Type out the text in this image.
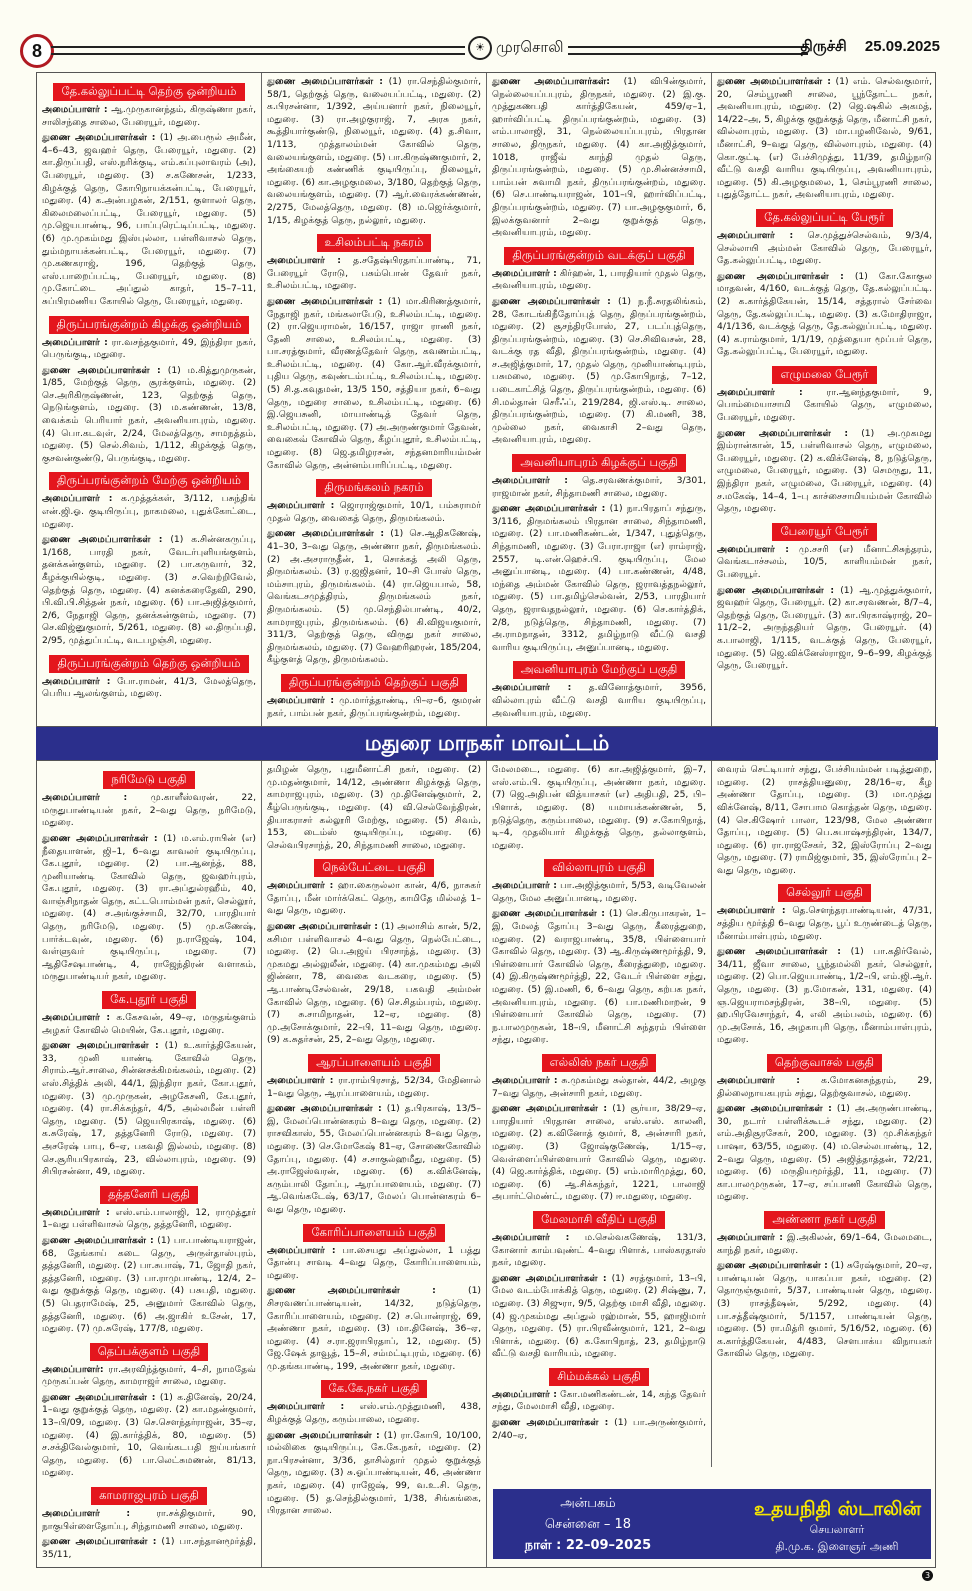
8	☀ முரசொலி	திருச்சி 25.09.2025
தே.கல்லுப்பட்டி தெற்கு ஒன்றியம்

அமைப்பாளர் : ஆ.முருகானந்தம், கிருஷ்ணா நகர், சாலிசந்தை சாலை, பேரையூர், மதுரை.

துணை அமைப்பாளர்கள் : (1) அ.பைரூல் அமீன், 4–6–43, ஜவஹர் தெரு, பேரையூர், மதுரை. (2) கா.திருப்பதி, எஸ்.நரிக்குடி, எம்.கப்புலாவரம் (அ), பேரையூர், மதுரை. (3) ச.கணேசன், 1/233, கிழக்குத் தெரு, கோபிநாயக்கன்பட்டி, பேரையூர், மதுரை. (4) க.அன்பழகன், 2/151, குளாலர் தெரு, கிலைமலைப்பட்டி, பேரையூர், மதுரை. (5) மு.ஜெயபாண்டி, 96, பாப்புரெட்டிப்பட்டி, மதுரை. (6) மு.முகம்மது இஸ்புல்லா, பள்ளிவாசல் தெரு, தும்மநாயக்கன்பட்டி, பேரையூர், மதுரை. (7) மு.கணகராஜ், 196, தெற்குத் தெரு, எஸ்.பாறைப்பட்டி, பேரையூர், மதுரை. (8) மு.கோட்டை அப்துல் காதர், 15–7–11, சுப்பிரமணிய கோயில் தெரு, பேரையூர், மதுரை.

திருப்பரங்குன்றம் கிழக்கு ஒன்றியம்

அமைப்பாளர் : ரா.வசந்தகுமார், 49, இந்திரா நகர், பெருங்குடி, மதுரை.

துணை அமைப்பாளர்கள் : (1) ம.கித்துமுருகன், 1/85, மேற்குத் தெரு, சூரக்குளம், மதுரை. (2) செ.அரிகிருஷ்ணன், 123, தெற்குத் தெரு, நெடுங்குளம், மதுரை. (3) ம.கண்ணன், 13/8, வைக்கம் பெரியார் நகர், அவனியாபுரம், மதுரை. (4) பொ.கடவுள், 2/24, மேலத்தெரு, சாமநத்தம், மதுரை. (5) செல்.சிவம், 1/112, கிழக்குத் தெரு, குசவன்குண்டு, பெருங்குடி, மதுரை.

திருப்பரங்குன்றம் மேற்கு ஒன்றியம்

அமைப்பாளர் : க.முத்தக்கள், 3/112, பசுந்திங் என்.ஜி.ஓ. குடியிருப்பு, நாகமலை, புதுக்கோட்டை, மதுரை.

துணை அமைப்பாளர்கள் : (1) க.சின்னகருப்பு, 1/168, பாரதி நகர், வேடர்புளியங்குளம், தனக்கன்குளம், மதுரை. (2) பா.கருவார், 32, கீழக்குயில்குடி, மதுரை. (3) ச.வெற்றிவேல், தெற்குத் தெரு, மதுரை. (4) கனக்கரைதேவி, 290, பி.வி.பி.சித்தன் நகர், மதுரை. (6) பா.அஜித்குமார், 2/6, நேதாஜி தெரு, தனக்கன்குளம், மதுரை. (7) செ.விஜ்னுகுமார், 5/261, மதுரை. (8) ல.திருப்பதி, 2/95, முத்துப்பட்டி, வடபழஞ்சி, மதுரை.

திருப்பரங்குன்றம் தெற்கு ஒன்றியம்

அமைப்பாளர் : போ.ராமன், 41/3, மேலத்தெரு, பெரிய ஆலங்குளம், மதுரை.

துணை அமைப்பாளர்கள் : (1) ரா.செந்தில்குமார், 58/1, தெற்குத் தெரு, வலையப்பட்டி, மதுரை. (2) க.பிரசன்னா, 1/392, அய்யனார் நகர், நிலையூர், மதுரை. (3) ரா.அழகுராஜ், 7, அரசு நகர், கூத்தியார்குண்டு, நிலையூர், மதுரை. (4) த.சிவா, 1/113, முத்தாலம்மன் கோவில் தெரு, வலையங்குளம், மதுரை. (5) பா.கிருஷ்ணகுமார், 2, அங்கையற் கண்ணிக் குடியிருப்பு, நிலையூர், மதுரை. (6) கா.அழகுமலை, 3/180, தெற்குத் தெரு, வலையங்குளம், மதுரை. (7) ஆர்.வைரக்கண்ணன், 2/275, மேலத்தெரு, மதுரை. (8) ம.ஜெர்க்குமார், 1/15, கிழக்குத் தெரு, நல்லூர், மதுரை.

உசிலம்பட்டி நகரம்

அமைப்பாளர் : த.சதேஷ்பிரதாப்பாண்டி, 71, பேரையூர் ரோடு, பசும்பொன் தேவர் நகர், உசிலம்பட்டி, மதுரை.

துணை அமைப்பாளர்கள் : (1) மா.கிரிணத்குமார், நேதாஜி நகர், மங்கலாபேடு, உசிலம்பட்டி, மதுரை. (2) ரா.ஜெயராமன், 16/157, ராஜா ராணி நகர், தேனி சாலை, உசிலம்பட்டி, மதுரை. (3) பா.சரத்குமார், வீரணத்தேவர் தெரு, கவணம்பட்டி, உசிலம்பட்டி, மதுரை. (4) கோ.ஆர்.வீரக்குமார், புதிய தெரு, கவுண்டம்பட்டி, உசிலம்பட்டி, மதுரை. (5) சி.த.கவுதமன், 13/5 150, சத்தியா நகர், 6–வது தெரு, மதுரை சாலை, உசிலம்பட்டி, மதுரை. (6) இ.ஜெயசுனி, மாயாண்டித் தேவர் தெரு, உசிலம்பட்டி, மதுரை. (7) அ.அருண்குமார் தேவன், வைகைவ் கோவில் தெரு, கீழப்புதூர், உசிலம்பட்டி, மதுரை. (8) ஜெ.தமிழரசன், சந்தனமாரியம்மன் கோவில் தெரு, அன்னம்பாரிப்பட்டி, மதுரை.

திருமங்கலம் நகரம்

அமைப்பாளர் : ஜொராஜ்குமார், 10/1, பம்சுராமர் முதல் தெரு, வைகைத் தெரு, திருமங்கலம்.

துணை அமைப்பாளர்கள் : (1) செ.ஆதிகணேஷ், 41–30, 3–வது தெரு, அண்ணா நகர், திருமங்கலம். (2) அ.அசராருதீன், 1, சொக்கத் அலி தெரு, திருமங்கலம். (3) ர.ஜஜிதனர், 10–சி போஸ் தெரு, மம்சாபுரம், திருமங்கலம். (4) ரா.ஜெயபால், 58, வெங்கடசமுத்திரம், திருமங்கலம் நகர், திருமங்கலம். (5) மு.செந்தில்பாண்டி, 40/2, காமராஜபுரம், திருமங்கலம். (6) கி.விஜயகுமார், 311/3, தெற்குத் தெரு, விருது நகர் சாலை, திருமங்கலம், மதுரை. (7) வேஹரிஹரன், 185/204, கீழ்குளத் தெரு, திருமங்கலம்.

திருப்பரங்குன்றம் தெற்குப் பகுதி

அமைப்பாளர் : மு.மார்த்தாண்டி, பி–ஏ–6, குமரன் நகர், பாம்பன் நகர், திருப்பரங்குன்றம், மதுரை.

துணை அமைப்பாளர்கள்: (1) விபின்குமார், நெல்லையப்பபுரம், திருநகர், மதுரை. (2) இ.கு. முத்துகணபதி கார்த்திகேயன், 459/ஏ–1, ஹார்விப்பட்டி திருப்பரங்குன்றம், மதுரை. (3) எம்.பாலாஜி, 31, நெல்லையப்பபுரம், பிரதான சாலை, திருநகர், மதுரை. (4) கா.அஜித்குமார், 1018, ராஜீவ் காந்தி முதல் தெரு, திருப்பரங்குன்றம், மதுரை. (5) மு.சின்னச்சாமி, பாம்பன் சுவாமி நகர், திருப்பரங்குன்றம், மதுரை. (6) செ.பாண்டியராஜன், 101–பி, ஹார்விப்பட்டி, திருப்பரங்குன்றம், மதுரை. (7) பா.அழகுகுமார், 6, இலக்குவனார் 2–வது குறுக்குத் தெரு, அவனியாபுரம், மதுரை.

திருப்பரங்குன்றம் வடக்குப் பகுதி

அமைப்பாளர் : கிர்ஹன், 1, பாரதியார் முதல் தெரு, அவனியாபுரம், மதுரை.

துணை அமைப்பாளர்கள் : (1) ந.நீ.சுரதலிங்கம், 28, கோடங்கிநீதோப்புத் தெரு, திருப்பரங்குன்றம், மதுரை. (2) சூசந்திரபோஸ், 27, படப்புத்தெரு, திருப்பரங்குன்றம், மதுரை. (3) செ.சிவிவசன், 28, வடக்கு ரத வீதி, திருப்பரங்குன்றம், மதுரை. (4) ச.அஜித்குமார், 17, முதல் தெரு, முனியாண்டிபுரம், பசுமலை, மதுரை. (5) மு.கோபிநாத், 7–12, படைகாட்சித் தெரு, திருப்பரங்குன்றம், மதுரை. (6) சி.மல்தான் செரீஃப், 219/284, ஜி.எஸ்.டி. சாலை, திருப்பரங்குன்றம், மதுரை. (7) கி.மணி, 38, முல்லை நகர், வைகாசி 2–வது தெரு, அவனியாபுரம், மதுரை.

அவனியாபுரம் கிழக்குப் பகுதி

அமைப்பாளர் : தெ.சரவணக்குமார், 3/301, ராஜமான் நகர், சிந்தாமணி சாலை, மதுரை.

துணை அமைப்பாளர்கள் : (1) நா.பிரதாப் சந்துரு, 3/116, திருமங்கலம் பிரதான சாலை, சிந்தாமணி, மதுரை. (2) பா.மணிகண்டன், 1/347, புதுத்தெரு, சிந்தாமணி, மதுரை. (3) பேரா.ராஜா (எ) ராம்ராஜ், 2557, டி.என்.ஹெச்.பி. குடியிருப்பு, மேல அனுப்பானடி, மதுரை. (4) பா.கண்ணன், 4/48, மந்தை அம்மன் கோவில் தெரு, ஜராவத்தநல்லூர், மதுரை. (5) பா.தமிழ்செல்வன், 2/53, பாரதியார் தெரு, ஜராவதநல்லூர், மதுரை. (6) செ.கார்த்திக், 2/8, நடுத்தெரு, சிந்தாமணி, மதுரை. (7) அ.ராமநாதன், 3312, தமிழ்நாடு வீட்டு வசதி வாரிய குடியிருப்பு, அனுப்பானடி, மதுரை.

அவனியாபுரம் மேற்குப் பகுதி

அமைப்பாளர் : த.வினோத்குமார், 3956, வில்லாபுரம் வீட்டு வசதி வாரிய குடியிருப்பு, அவனியாபுரம், மதுரை.

துணை அமைப்பாளர்கள் : (1) எம். செல்வகுமார், 20, செம்பூரணி சாலை, பூந்தோட்ட நகர், அவனியாபுரம், மதுரை. (2) ஜெ.ஷகில் அகமத், 14/22–அ, 5, கிழக்கு குறுக்குத் தெரு, மீனாட்சி நகர், வில்லாபுரம், மதுரை. (3) மா.பழனிவேல், 9/61, மீனாட்சி, 9–வது தெரு, வில்லாபுரம், மதுரை. (4) கொ.குட்டி (எ) பேச்சிமுத்து, 11/39, தமிழ்நாடு வீட்டு வசதி வாரிய குடியிருப்பு, அவனியாபுரம், மதுரை. (5) கி.அழகுமலை, 1, செம்பூரணி சாலை, புதுத்தோட்ட நகர், அவனியாபுரம், மதுரை.

தே.கல்லுப்பட்டி பேரூர்

அமைப்பாளர் : செ.முத்துச்செல்வம், 9/3/4, செல்லாயி அம்மன் கோவில் தெரு, பேரையூர், தே.கல்லுப்பட்டி, மதுரை.

துணை அமைப்பாளர்கள் : (1) கோ.கோகுல மாதவன், 4/160, வடக்குத் தெரு, தே.கல்லுப்பட்டி. (2) க.கார்த்திகேயன், 15/14, சத்தரால் சேர்வை தெரு, தே.கல்லுப்பட்டி, மதுரை. (3) க.மோதிராஜா, 4/1/136, வடக்குத் தெரு, தே.கல்லுப்பட்டி, மதுரை. (4) க.ராம்குமார், 1/1/19, முத்தையா மூப்பர் தெரு, தே.கல்லுப்பட்டி, பேரையூர், மதுரை.

எழுமலை பேரூர்

அமைப்பாளர் :	ரா.ஆனந்தகுமார், 9, பொம்மையாசாமி கோயில் தெரு, எழுமலை, பேரையூர், மதுரை.

துணை அமைப்பாளர்கள் : (1) அ.முகமது இம்ரான்கான், 15, பள்ளிவாசல் தெரு, எழுமலை, பேரையூர், மதுரை. (2) க.விக்னேஷ், 8, நடுத்தெரு, எழுமலை, பேரையூர், மதுரை. (3) செமருது, 11, இந்திரா நகர், எழுமலை, பேரையூர், மதுரை. (4) ச.மகேஷ், 14–4, 1–பு காச்சைசாமியம்மன் கோவில் தெரு, மதுரை.

பேரையூர் பேரூர்

அமைப்பாளர் : மு.சசரி (எ) மீனாட்சிசுந்தரம், வெங்கடாச்சலம், 10/5, காளியம்மன் நகர், பேரையூர்.

துணை அமைப்பாளர்கள் : (1) ஆ.முத்துக்குமார், ஜவஹர் தெரு, பேரையூர். (2) கா.சரவணன், 8/7–4, தெற்குத் தெரு, பேரையூர். (3) கா.பிரகாஷ்ராஜ், 20–11/2–2, அருந்ததியர் தெரு, பேரையூர். (4) க.பாலாஜி, 1/115, வடக்குத் தெரு, பேரையூர், மதுரை. (5) ஜெ.விக்னேஸ்ராஜா, 9–6–99, கிழக்குத் தெரு, பேரையூர்.

மதுரை மாநகர் மாவட்டம்
நரிமேடு பகுதி

அமைப்பாளர் :	மு.காளீஸ்வரன், 22, மருதுபாண்டியன் நகர், 2–வது தெரு, நரிமேடு, மதுரை.

துணை அமைப்பாளர்கள் : (1) ம.எம்.ராபின் (எ) நீதையாளன், ஜி–1, 6–வது காவலர் குடியிருப்பு, கே.புதூர், மதுரை. (2) பா.ஆனந்த், 88, முனியாண்டி கோவில் தெரு, ஜவஹர்புரம், கே.புதூர், மதுரை. (3) ரா.அப்துல்ரஹீம், 40, வாஞ்சிநாதன் தெரு, கட்டபொம்மன் நகர், செல்லூர், மதுரை. (4) ச.அங்குச்சாமி, 32/70, பாரதியார் தெரு, நரிமேடு, மதுரை. (5) மு.கணேஷ், பார்க்டவுன், மதுரை. (6) ந.ராஜேஷ், 104, வள்ளுவர் குடியிருப்பு, மதுரை. (7) ஆதிசேஷபாண்டி, 4, ராஜேந்திரன் வளாகம், மருதுபாண்டியர் நகர், மதுரை.

கே.புதூர் பகுதி

அமைப்பாளர் : க.கேசவன், 49–ஏ, மருதங்குளம் அழகர் கோவில் மெயின், கே.புதூர், மதுரை.

துணை அமைப்பாளர்கள் : (1) உ.கார்த்திகேயன், 33, முனி யாண்டி கோவில் தெரு, சிராம்.ஆர்.சாலை, சின்னசக்கிமங்கலம், மதுரை. (2) எஸ்.சித்திக் அலி, 44/1, இந்திரா நகர், கோ.புதூர், மதுரை. (3) மு.முருகன், அழகேசனி, கே.புதூர், மதுரை. (4) ரா.சிக்கந்தர், 4/5, அல்லமீன் பள்ளி தெரு, மதுரை. (5) ஜெயபிரகாஷ், மதுரை. (6) க.சுரேஷ், 17, தத்தனேரி ரோடு, மதுரை. (7) அசரேஷ் பாபு, 6–ஏ, பகவதி இல்லம், மதுரை. (8) செ.சூரியபிரகாஷ், 23, வில்லாபுரம், மதுரை. (9) சிபிரசன்னா, 49, மதுரை.

தத்தனேரி பகுதி

அமைப்பாளர் : எஸ்.எம்.பாலாஜி, 12, ராமுத்தூர் 1–வது பள்ளிவாசல் தெரு, தத்தனேரி, மதுரை.

துணை அமைப்பாளர்கள் : (1) பா.பாண்டியராஜன், 68, தேங்காய் கடை தெரு, அருள்தாஸ்புரம், தத்தனேரி, மதுரை. (2) பா.சுபாஷ், 71, ஜோதி நகர், தத்தனேரி, மதுரை. (3) பா.ராமுபாண்டி, 12/4, 2–வது குறுக்குத் தெரு, மதுரை. (4) பசுபதி, மதுரை. (5) பெதராமேஷ், 25, அனுமார் கோவில் தெரு, தத்தனேரி, மதுரை. (6) அ.ஜாகிர் உசேன், 17, மதுரை. (7) மு.சுரேஷ், 177/8, மதுரை.

தெப்பக்குளம் பகுதி

அமைப்பாளர்: ரா.அரவிந்த்குமார், 4–சி, நாமதேவ் முருகப்பன் தெரு, காமராஜர் சாலை, மதுரை.

துணை அமைப்பாளர்கள் : (1) க.தினேஷ், 20/24, 1–வது குறுக்குத் தெரு, மதுரை. (2) கா.மதன்குமார், 13–பி/09, மதுரை. (3) செ.சௌந்தர்ராஜன், 35–ஏ, மதுரை. (4) இ.கார்த்திக், 80, மதுரை. (5) ச.சக்திவேல்குமார், 10, வெங்கடபதி ஐய்யங்கார் தெரு, மதுரை. (6) பா.லெட்சுமணன், 81/13, மதுரை.

காமராஜபுரம் பகுதி

அமைப்பாளர் :	ரா.சக்திகுமார், 90, நாகுபிள்ளைதோப்பு, சிந்தாமணி சாலை, மதுரை.

துணை அமைப்பாளர்கள் : (1) பா.சந்தானமூர்த்தி, 35/11,

தமிழன் தெரு, புதுமீனாட்சி நகர், மதுரை. (2) மு.மதன்குமார், 14/12, அண்ணா கிழக்குத் தெரு, காமராஜபுரம், மதுரை. (3) மு.தினேஷ்குமார், 2, கீழ்பெருங்குடி, மதுரை. (4) வி.செல்வேந்திரன், தியாகராசர் கல்லூரி மேற்கு, மதுரை. (5) சிவம், 153, டைம்ஸ் குடியிருப்பு, மதுரை. (6) செல்வபிரசாந்த், 20, சிந்தாமணி சாலை, மதுரை.

நெல்பேட்டை பகுதி

அமைப்பாளர் : ஹா.கைருல்லா கான், 4/6, நாசுகர் தோப்பு, மீன் மார்க்கெட் தெரு, காமிதே மில்லத் 1–வது தெரு, மதுரை.

துணை அமைப்பாளர்கள் : (1) அலாசிம் கான், 5/2, கசிமா பள்ளிவாசல் 4–வது தெரு, நெல்பேட்டை, மதுரை. (2) பெ.அஜய் பிரசாந்த், மதுரை. (3) முகமது அல்லுலீன், மதுரை. (4) கா.முகம்மது அலி ஜின்னா, 78, வைகை வடகரை, மதுரை. (5) ஆ.பாண்டிசேல்வன், 29/18, பகவதி அம்மன் கோவில் தெரு, மதுரை. (6) செ.சிதம்பரம், மதுரை. (7) சு.சாமிநாதன், 12–ஏ, மதுரை. (8) மு.அசோக்குமார், 22–பி, 11–வது தெரு, மதுரை. (9) க.சுதர்சன், 25, 2–வது தெரு, மதுரை.

ஆரப்பாளையம் பகுதி

அமைப்பாளர் : ரா.ராம்பிரசாத், 52/34, மேதினால் 1–வது தெரு, ஆரப்பாளையம், மதுரை.

துணை அமைப்பாளர்கள் : (1) த.பிரகாஷ், 13/5–இ, மேலப்பொன்னகரம் 8–வது தெரு, மதுரை. (2) ராசவிகாஸ், 55, மேலப்பொன்னகரம் 8–வது தெரு, மதுரை. (3) செ.மோகேஷ் 81–ஏ, சோணைகோவில் தோப்பு, மதுரை. (4) ச.சாகுல்ஹமீது, மதுரை. (5) அ.ராஜேஸ்வரன், மதுரை. (6) க.விக்னேஷ், கரும்பாலி தோப்பு, ஆரப்பாளையம், மதுரை. (7) ஆ.வெங்கடேஷ், 63/17, மேலப் பொன்னகரம் 6–வது தெரு, மதுரை.

கோரிப்பாளையம் பகுதி

அமைப்பாளர் : பா.சையது அப்துல்லா, 1 பத்து தோன்பு சாவடி 4–வது தெரு, கோரிப்பாளையம், மதுரை.

துணை அமைப்பாளர்கள் :	(1) சிசரவணப்பாண்டியன், 14/32, நடுத்தெரு, கோரிப்பாளையம், மதுரை. (2) ச.பொன்ராஜ், 69, அண்ணா நகர், மதுரை. (3) மா.தினேஷ், 36–ஏ, மதுரை. (4) ச.ரா.ஜராபிரதாப், 12, மதுரை. (5) ஜே.ஷேக் தாவூத், 15–சி, சம்மட்டிபுரம், மதுரை. (6) மு.தங்கபாண்டி, 199, அண்ணா நகர், மதுரை.

கே.கே.நகர் பகுதி

அமைப்பாளர் : எஸ்.எம்.முத்துமணி, 438, கிழக்குத் தெரு, கரும்பாலை, மதுரை.

துணை அமைப்பாளர்கள் : (1) ரா.கோபி, 10/100, மல்லிகை குடியிருப்பு, கே.கே.நகர், மதுரை. (2) நா.பிரசன்னா, 3/36, தாசில்தார் முதல் குறுக்குத் தெரு, மதுரை. (3) சு.ஓப்பாண்டியன், 46, அண்ணா நகர், மதுரை. (4) ராஜேஷ், 99, வ.உ.சி. தெரு, மதுரை. (5) த.செந்தில்குமார், 1/38, சிங்கங்கை, பிரதான சாலை.

மேலமடை, மதுரை. (6) கா.அஜித்குமார், இ–7, எஸ்.எம்.பி. குடியிருப்பு, அண்ணா நகர், மதுரை. (7) ஜெ.அதிபன் வித்யாசகர் (எ) அதிபதி, 25, பி–பிளாக், மதுரை. (8) யமாயக்கண்ணன், 5, நடுத்தெரு, கரும்பாலை, மதுரை. (9) ச.கோபிநாத், டி–4, முதலியார் கிழக்குத் தெரு, தல்லாகுளம், மதுரை.

வில்லாபுரம் பகுதி

அமைப்பாளர் : பா.அஜித்குமார், 5/53, வடிவேலன் தெரு, மேல அனுப்பானடி, மதுரை.

துணை அமைப்பாளர்கள் : (1) செ.கிருபாகரன், 1–இ, மேலத் தோப்பு 3–வது தெரு, கீரைத்துறை, மதுரை. (2) வராஜபாண்டி, 35/8, பிள்ளையார் கோவில் தெரு, மதுரை. (3) ஆ.கிருஷ்ணமூர்த்தி, 9, பிள்ளையார் கோவில் தெரு, கீரைத்துறை, மதுரை. (4) இ.கிருஷ்ணமூர்த்தி, 22, வேடர் பிள்ளை சந்து, மதுரை. (5) இ.மணி, 6, 6–வது தெரு, கற்பக நகர், அவனியாபுரம், மதுரை. (6) பா.மணிமாறன், 9 பிள்ளையார் கோவில் தெரு, மதுரை. (7) ந.பாலமுருகன், 18–பி, மீனாட்சி சுந்தரம் பிள்ளை சந்து, மதுரை.

எல்லிஸ் நகர் பகுதி

அமைப்பாளர் : சு.முகம்மது சுல்தான், 44/2, அழகு 7–வது தெரு, அன்சாரி நகர், மதுரை.

துணை அமைப்பாளர்கள் : (1) சூர்யா, 38/29–ஏ, பாரதியார் பிரதான சாலை, எஸ்.எஸ். காலனி, மதுரை. (2) க.வினோத் குமார், 8, அன்சாரி நகர், மதுரை. (3) ஜோஷ்குணேஷ், 1/15–ஏ, வெள்ளைப்பிள்ளையார் கோவில் தெரு, மதுரை. (4) ஜெ.கார்த்திக், மதுரை. (5) எம்.மாரிமுத்து, 60, மதுரை. (6) ஆ.சிக்கந்தர், 1221, பாலாஜி அபார்ட்மெண்ட், மதுரை. (7) ஈ.மதுரை, மதுரை.

மேலமாசி வீதிப் பகுதி

அமைப்பாளர் : ம.செல்வகணேஷ், 131/3, கோனார் காம்பவுண்ட் 4–வது பிளாக், பாஸ்கரதாஸ் நகர், மதுரை.

துணை அமைப்பாளர்கள் : (1) சரத்குமார், 13–பி, மேல வடம்போக்கித் தெரு, மதுரை. (2) சிஷ்ணு, 7, மதுரை. (3) சிஜுரா, 9/5, தெற்கு மாசி வீதி, மதுரை. (4) ஜ.முகம்மது அப்துல் ரஹ்மான், 55, ஹாஜிமார் தெரு, மதுரை. (5) ரா.பிரவீன்குமார், 121, 2–வது பிளாக், மதுரை. (6) க.கோபிநாத், 23, தமிழ்நாடு வீட்டு வசதி வாரியம், மதுரை.

சிம்மக்கல் பகுதி

அமைப்பாளர் : கோ.மணிகண்டன், 14, கந்த தேவர் சந்து, மேலமாசி வீதி, மதுரை.

துணை அமைப்பாளர்கள் : (1) பா.அருண்குமார், 2/40–ஏ,

வைரம் செட்டியார் சந்து, பேச்சியம்மன் படித்துறை, மதுரை. (2) ராசத்தியனுரை, 28/16–ஏ, கீழ அண்ணா தோப்பு, மதுரை. (3) மா.முத்து விக்னேஷ், 8/11, சோபாம கொத்தன் தெரு, மதுரை. (4) செ.கிஷோர் பாலா, 123/98, மேல அண்ணா தோப்பு, மதுரை. (5) பெ.சுபாஷ்சந்திரன், 134/7, மதுரை. (6) ரா.ராஜசேகர், 32, இஸ்ரோப்பு 2–வது தெரு, மதுரை. (7) ராமிஜ்குமார், 35, இஸ்ரோப்பு 2–வது தெரு, மதுரை.

செல்லூர் பகுதி

அமைப்பாளர் : தெ.சௌந்தரபாண்டியன், 47/31, சத்திய மூர்த்தி 6–வது தெரு, பூப் உருண்டைத் தெரு, மீனாம்பாள்புரம், மதுரை.

துணை அமைப்பாளர்கள் : (1) பா.கதிர்வேல், 34/11, ஜீவா சாலை, பூந்தமல்லி நகர், செல்லூர், மதுரை. (2) பொ.ஜெயபாண்டி, 1/2–பி, எம்.ஜி.ஆர். தெரு, மதுரை. (3) ந.மோகன், 131, மதுரை. (4) ஞ.ஜெயராமசந்திரன், 38–பி, மதுரை. (5) ஹ.பிரவேசாந்தர், 4, எலி அம்பலம், மதுரை. (6) மு.அசோக், 16, அழகாபுரி தெரு, மீனாம்பாள்புரம், மதுரை.

தெற்குவாசல் பகுதி

அமைப்பாளர் : க.மோகனசுந்தரம், 29, தில்லைநாயகபுரம் சந்து, தெற்குவாசல், மதுரை.

துணை அமைப்பாளர்கள் : (1) அ.அருண்பாண்டி, 30, நடார் பள்ளிக்கூடச் சந்து, மதுரை. (2) எம்.அதிசூரசேகர், 200, மதுரை. (3) மு.சிக்கந்தர் பாஷா, 63/55, மதுரை. (4) ம.செல்லபாண்டி, 12, 2–வது தெரு, மதுரை. (5) அஜித்தாத்தன், 72/21, மதுரை. (6) மருதியமூர்த்தி, 11, மதுரை. (7) கா.பாலமுருகன், 17–ஏ, சப்பாணி கோவில் தெரு, மதுரை.

அண்ணா நகர் பகுதி

அமைப்பாளர் : இ.அகிலன், 69/1–64, மேலமடை, காந்தி நகர், மதுரை.

துணை அமைப்பாளர்கள் : (1) சுரேஷ்குமார், 20–ஏ, பாண்டியன் தெரு, யாகப்பா நகர், மதுரை. (2) தொருஞ்குமார், 5/37, பாண்டியன் தெரு, மதுரை. (3) ராசத்தீஷன், 5/292, மதுரை. (4) பா.சத்தீஷ்குமார், 5/1157, பாண்டியன் தெரு, மதுரை. (5) ரா.மித்ரி குமார், 5/16/52, மதுரை. (6) க.கார்த்திகேயன், 4/483, சௌபாக்ய விநாயகர் கோவில் தெரு, மதுரை.

அன்பகம்
சென்னை – 18
நாள் : 22–09–2025
உதயநிதி ஸ்டாலின்
செயலாளர்
தி.மு.க. இளைஞர் அணி
3
